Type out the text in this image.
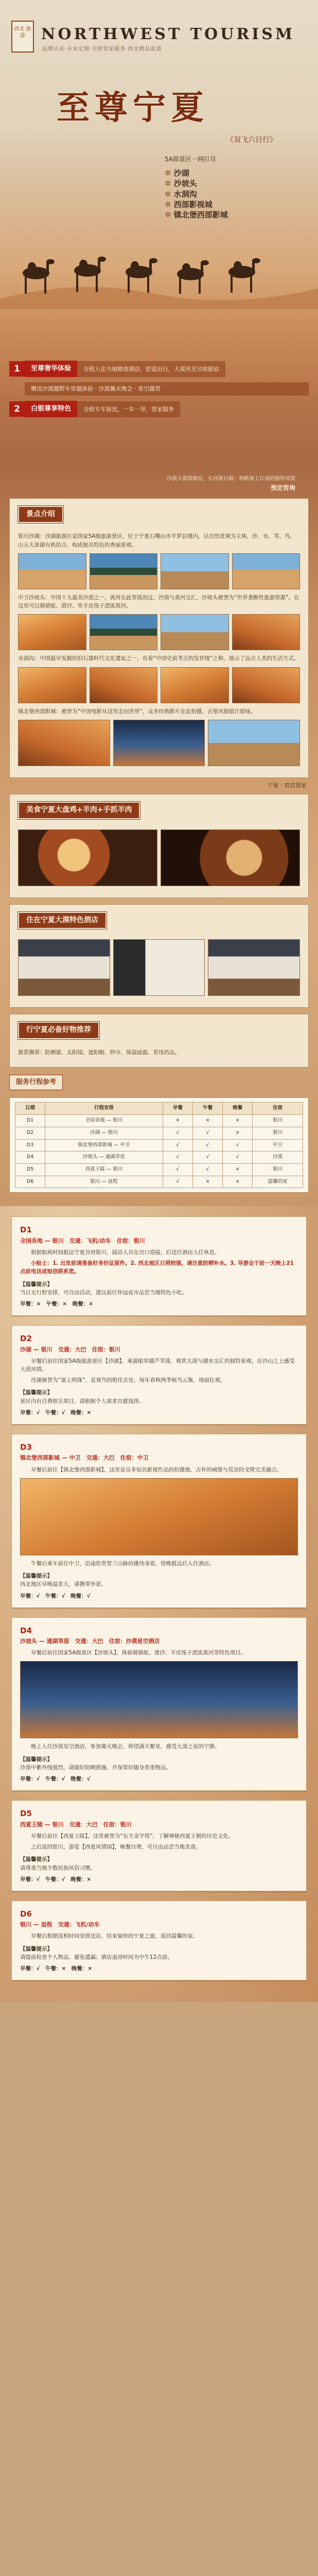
西北 旅游	NORTHWEST TOURISM
品牌认证·专业定制·全程管家服务·西北精品旅游
至尊宁夏
《双飞六日行》
5A级景区一网打尽
✲ 沙湖
✲ 沙坡头
✲ 水洞沟
✲ 西部影视城
✲ 镇北堡西部影城
1	至尊奢华体验	全程入住当地精选酒店，舒适出行，大漠风光尽收眼底
赠送沙漠越野车穿越体验 · 沙漠篝火晚会 · 星空露营
2	白银尊享特色	全程专车接送，一车一导，管家服务
沙漠大漠孤烟直，长河落日圆；领略塞上江南的独特风情
预定咨询
景点介绍

银川沙湖：沙湖旅游区是国家5A级旅游景区，位于宁夏石嘴山市平罗县境内，以自然景观为主体，沙、水、苇、鸟、山五大景源有机结合，构成独具特色的秀丽景观。

中卫沙坡头：中国十大最美沙漠之一，黄河在此穿流而过，沙漠与黄河交汇，沙坡头被誉为“世界垄断性旅游资源”。在这里可以骑骆驼、滑沙、坐羊皮筏子漂流黄河。

水洞沟：中国最早发掘的旧石器时代文化遗址之一，有着“中国史前考古的发祥地”之称，展示了远古人类的生活方式。

镇北堡西部影城：被誉为“中国电影从这里走向世界”，众多经典影片在此拍摄，古堡风貌原汁原味。

宁夏 · 贵宾管家
美食宁夏大盘鸡+羊肉+手抓羊肉
住在宁夏大漠特色酒店
行宁夏必备好物推荐

推荐携带：防晒霜、太阳镜、遮阳帽、纱巾、保湿面霜、常用药品。

服务行程参考
日期	行程安排	早餐	午餐	晚餐	住宿
D1	全国各地 — 银川	×	×	×	银川
D2	沙湖 — 银川	√	√	×	银川
D3	镇北堡西部影城 — 中卫	√	√	√	中卫
D4	沙坡头 — 通湖草原	√	√	√	沙漠
D5	西夏王陵 — 银川	√	√	×	银川
D6	银川 — 返程	√	×	×	温馨的家
D1
全国各地 — 银川　交通：飞机/动车　住宿：银川

根据航班时间抵达宁夏首府银川，接站人员在出口迎接，后送往酒店入住休息。

小贴士：1. 出发前请准备好身份证原件。2. 西北地区日照较强，请注意防晒补水。3. 导游会于前一天晚上21点前电话或短信联系您。

【温馨提示】
当日无行程安排，可自由活动，建议前往怀远夜市品尝当地特色小吃。
早餐：×　午餐：×　晚餐：×
D2
沙湖 — 银川　交通：大巴　住宿：银川

早餐后前往国家5A级旅游景区【沙湖】，乘游船穿越芦苇荡，观赏大漠与湖水交汇的独特景观，在沙山之上感受大漠风情。

沙湖被誉为“塞上明珠”，是观鸟的绝佳去处，每年春秋两季候鸟云集，场面壮观。

【温馨提示】
景区内有自费娱乐项目，请根据个人需求自愿选择。
早餐：√　午餐：√　晚餐：×
D3
镇北堡西部影城 — 中卫　交通：大巴　住宿：中卫

早餐后前往【镇北堡西部影城】，这里是众多知名影视作品的拍摄地，古朴的城堡与荒凉的戈壁完美融合。

午餐后乘车前往中卫，沿途欣赏贺兰山脉的雄伟身姿，傍晚抵达后入住酒店。

【温馨提示】
西北地区早晚温差大，请携带外套。
早餐：√　午餐：√　晚餐：√
D4
沙坡头 — 通湖草原　交通：大巴　住宿：沙漠星空酒店

早餐后前往国家5A级景区【沙坡头】，体验骑骆驼、滑沙、羊皮筏子漂流黄河等特色项目。

晚上入住沙漠星空酒店，参加篝火晚会，仰望满天繁星，感受大漠之夜的宁静。

【温馨提示】
沙漠中紫外线强烈，请做好防晒措施，并保管好随身贵重物品。
早餐：√　午餐：√　晚餐：√
D5
西夏王陵 — 银川　交通：大巴　住宿：银川

早餐后前往【西夏王陵】，这里被誉为“东方金字塔”，了解神秘西夏王朝的历史文化。

之后返回银川，游览【西夏风情园】，晚餐自理，可自由品尝当地美食。

【温馨提示】
请尊重当地少数民族风俗习惯。
早餐：√　午餐：√　晚餐：×
D6
银川 — 返程　交通：飞机/动车

早餐后根据返程时间安排送站，结束愉快的宁夏之旅，返回温馨的家。

【温馨提示】
请提前检查个人物品，避免遗漏；酒店退房时间为中午12点前。
早餐：√　午餐：×　晚餐：×
